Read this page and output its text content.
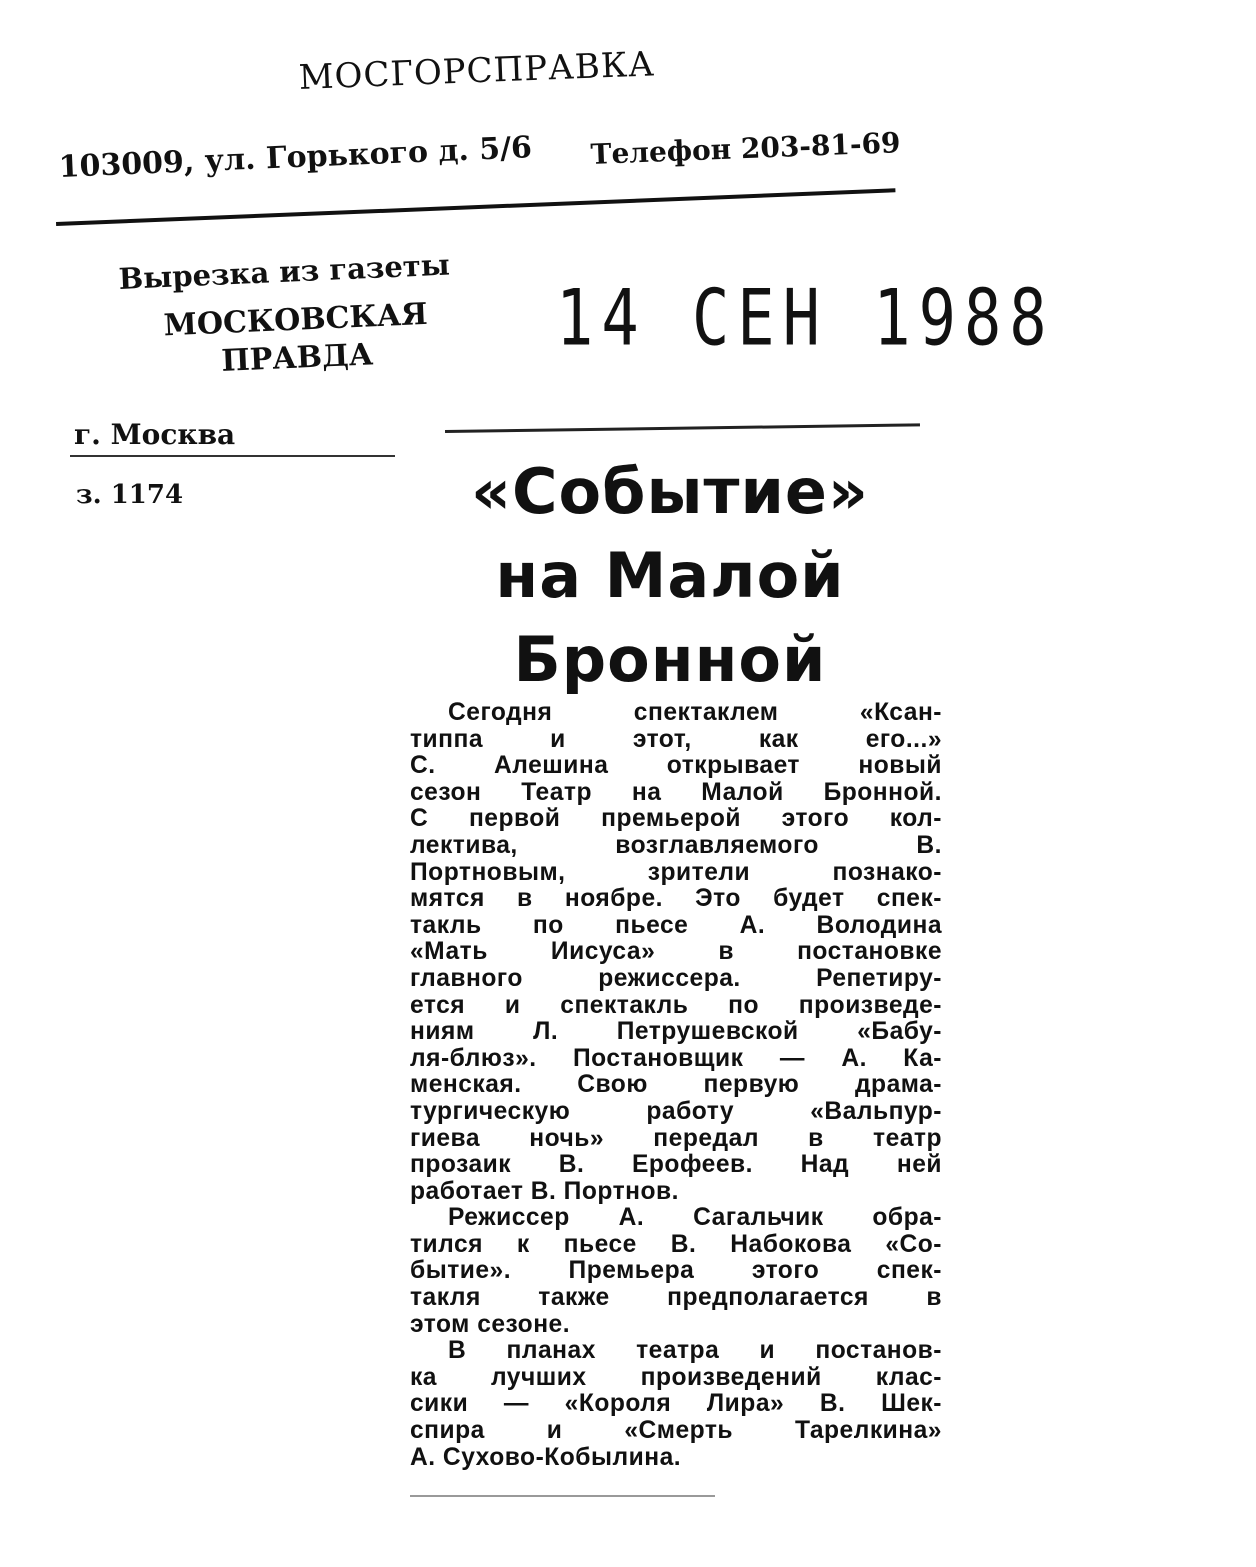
МОСГОРСПРАВКА
103009, ул. Горького д. 5/6 Телефон 203-81-69
Вырезка из газеты
МОСКОВСКАЯ
ПРАВДА	14 СЕН 1988
г. Москва
з. 1174	«Событие»
на Малой
Бронной
Сегодня спектаклем «Ксан-
типпа и этот, как его...»
С. Алешина открывает новый
сезон Театр на Малой Бронной.
С первой премьерой этого кол-
лектива, возглавляемого В.
Портновым, зрители познако-
мятся в ноябре. Это будет спек-
такль по пьесе А. Володина
«Мать Иисуса» в постановке
главного режиссера. Репетиру-
ется и спектакль по произведе-
ниям Л. Петрушевской «Бабу-
ля-блюз». Постановщик — А. Ка-
менская. Свою первую драма-
тургическую работу «Вальпур-
гиева ночь» передал в театр
прозаик В. Ерофеев. Над ней
работает В. Портнов.
Режиссер А. Сагальчик обра-
тился к пьесе В. Набокова «Со-
бытие». Премьера этого спек-
такля также предполагается в
этом сезоне.
В планах театра и постанов-
ка лучших произведений клас-
сики — «Короля Лира» В. Шек-
спира и «Смерть Тарелкина»
А. Сухово-Кобылина.
